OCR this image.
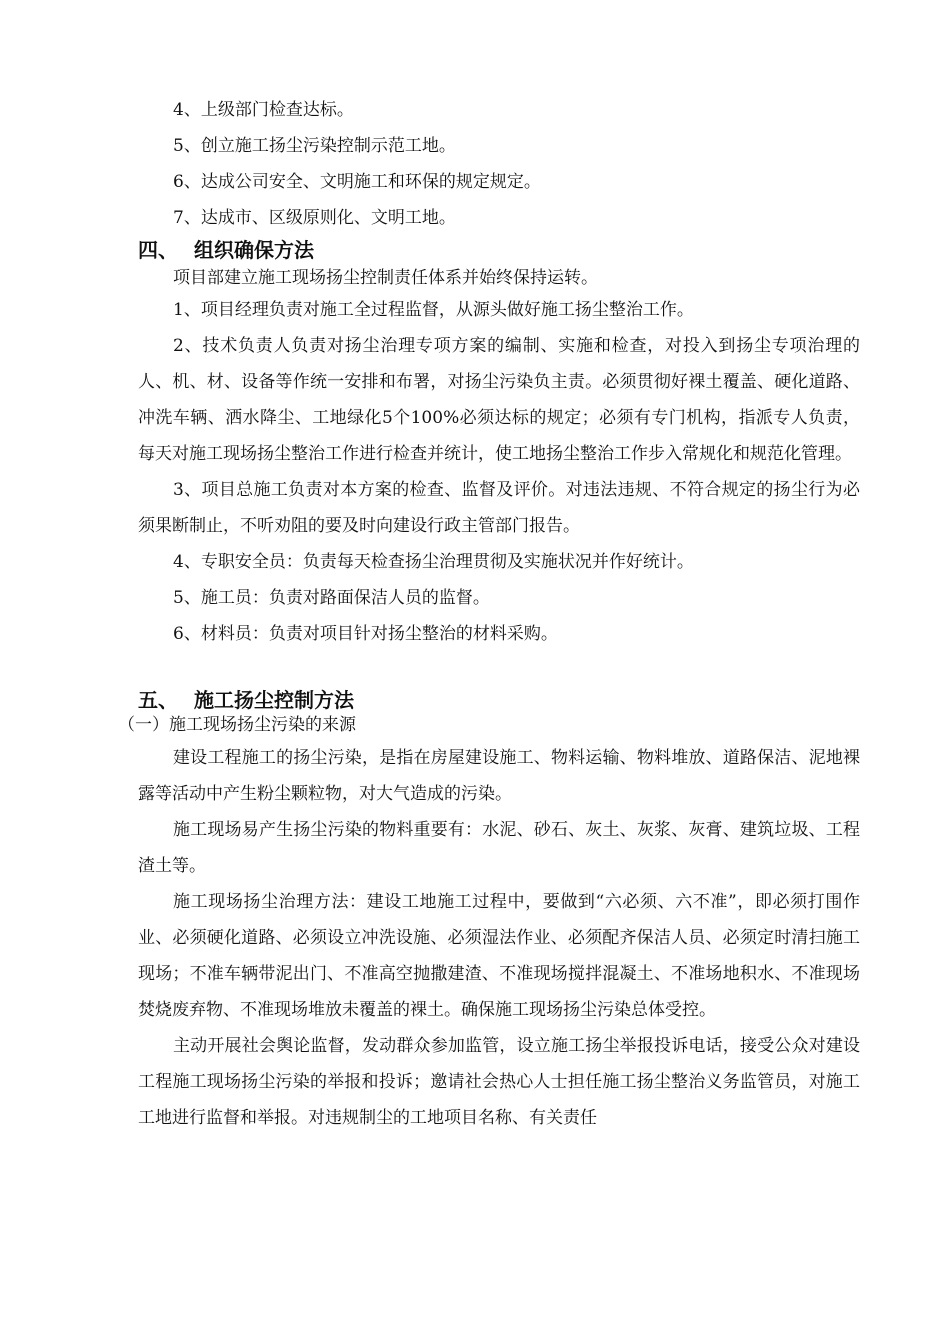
4、上级部门检查达标。

5、创立施工扬尘污染控制示范工地。

6、达成公司安全、文明施工和环保的规定规定。

7、达成市、区级原则化、文明工地。

四、 组织确保方法

项目部建立施工现场扬尘控制责任体系并始终保持运转。

1、项目经理负责对施工全过程监督，从源头做好施工扬尘整治工作。

2、技术负责人负责对扬尘治理专项方案的编制、实施和检查，对投入到扬尘专项治理的人、机、材、设备等作统一安排和布署，对扬尘污染负主责。必须贯彻好裸土覆盖、硬化道路、冲洗车辆、洒水降尘、工地绿化5个100%必须达标的规定；必须有专门机构，指派专人负责，每天对施工现场扬尘整治工作进行检查并统计，使工地扬尘整治工作步入常规化和规范化管理。

3、项目总施工负责对本方案的检查、监督及评价。对违法违规、不符合规定的扬尘行为必须果断制止，不听劝阻的要及时向建设行政主管部门报告。

4、专职安全员：负责每天检查扬尘治理贯彻及实施状况并作好统计。

5、施工员：负责对路面保洁人员的监督。

6、材料员：负责对项目针对扬尘整治的材料采购。

五、 施工扬尘控制方法

（一）施工现场扬尘污染的来源

建设工程施工的扬尘污染，是指在房屋建设施工、物料运输、物料堆放、道路保洁、泥地裸露等活动中产生粉尘颗粒物，对大气造成的污染。

施工现场易产生扬尘污染的物料重要有：水泥、砂石、灰土、灰浆、灰膏、建筑垃圾、工程渣土等。

施工现场扬尘治理方法：建设工地施工过程中，要做到“六必须、六不准”，即必须打围作业、必须硬化道路、必须设立冲洗设施、必须湿法作业、必须配齐保洁人员、必须定时清扫施工现场；不准车辆带泥出门、不准高空抛撒建渣、不准现场搅拌混凝土、不准场地积水、不准现场焚烧废弃物、不准现场堆放未覆盖的裸土。确保施工现场扬尘污染总体受控。

主动开展社会舆论监督，发动群众参加监管，设立施工扬尘举报投诉电话，接受公众对建设工程施工现场扬尘污染的举报和投诉；邀请社会热心人士担任施工扬尘整治义务监管员，对施工工地进行监督和举报。对违规制尘的工地项目名称、有关责任
